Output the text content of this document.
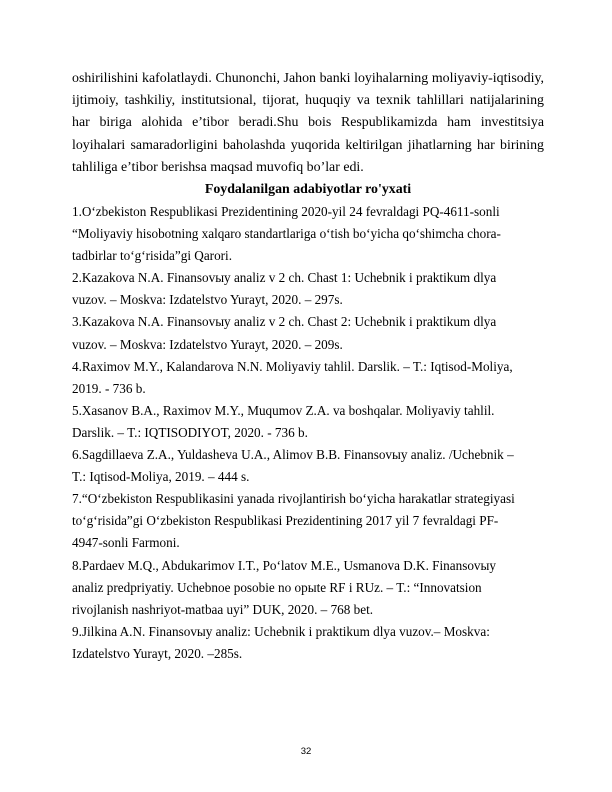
oshirilishini kafolatlaydi. Chunonchi, Jahon banki loyihalarning moliyaviy-iqtisodiy, ijtimoiy, tashkiliy, institutsional, tijorat, huquqiy va texnik tahlillari natijalarining har biriga alohida e’tibor beradi.Shu bois Respublikamizda ham investitsiya loyihalari samaradorligini baholashda yuqorida keltirilgan jihatlarning har birining tahliliga e’tibor berishsa maqsad muvofiq bo’lar edi.

Foydalanilgan adabiyotlar ro'yxati

1.O‘zbekiston Respublikasi Prezidentining 2020-yil 24 fevraldagi PQ-4611-sonli “Moliyaviy hisobotning xalqaro standartlariga o‘tish bo‘yicha qo‘shimcha chora-tadbirlar to‘g‘risida”gi Qarori.
2.Kazakova N.A. Finansovыy analiz v 2 ch. Chast 1: Uchebnik i praktikum dlya vuzov. – Moskva: Izdatelstvo Yurayt, 2020. – 297s.
3.Kazakova N.A. Finansovыy analiz v 2 ch. Chast 2: Uchebnik i praktikum dlya vuzov. – Moskva: Izdatelstvo Yurayt, 2020. – 209s.
4.Raximov M.Y., Kalandarova N.N. Moliyaviy tahlil. Darslik. – T.: Iqtisod-Moliya, 2019. - 736 b.
5.Xasanov B.A., Raximov M.Y., Muqumov Z.A. va boshqalar. Moliyaviy tahlil. Darslik. – T.: IQTISODIYOT, 2020. - 736 b.
6.Sagdillaeva Z.A., Yuldasheva U.A., Alimov B.B. Finansovыy analiz. /Uchebnik –T.: Iqtisod-Moliya, 2019. – 444 s.
7.“O‘zbekiston Respublikasini yanada rivojlantirish bo‘yicha harakatlar strategiyasi to‘g‘risida”gi O‘zbekiston Respublikasi Prezidentining 2017 yil 7 fevraldagi PF-4947-sonli Farmoni.
8.Pardaev M.Q., Abdukarimov I.T., Po‘latov M.E., Usmanova D.K. Finansovыy analiz predpriyatiy. Uchebnoe posobie no opыte RF i RUz. – T.: “Innovatsion rivojlanish nashriyot-matbaa uyi” DUK, 2020. – 768 bet.
9.Jilkina A.N. Finansovыy analiz: Uchebnik i praktikum dlya vuzov.– Moskva: Izdatelstvo Yurayt, 2020. –285s.
32
